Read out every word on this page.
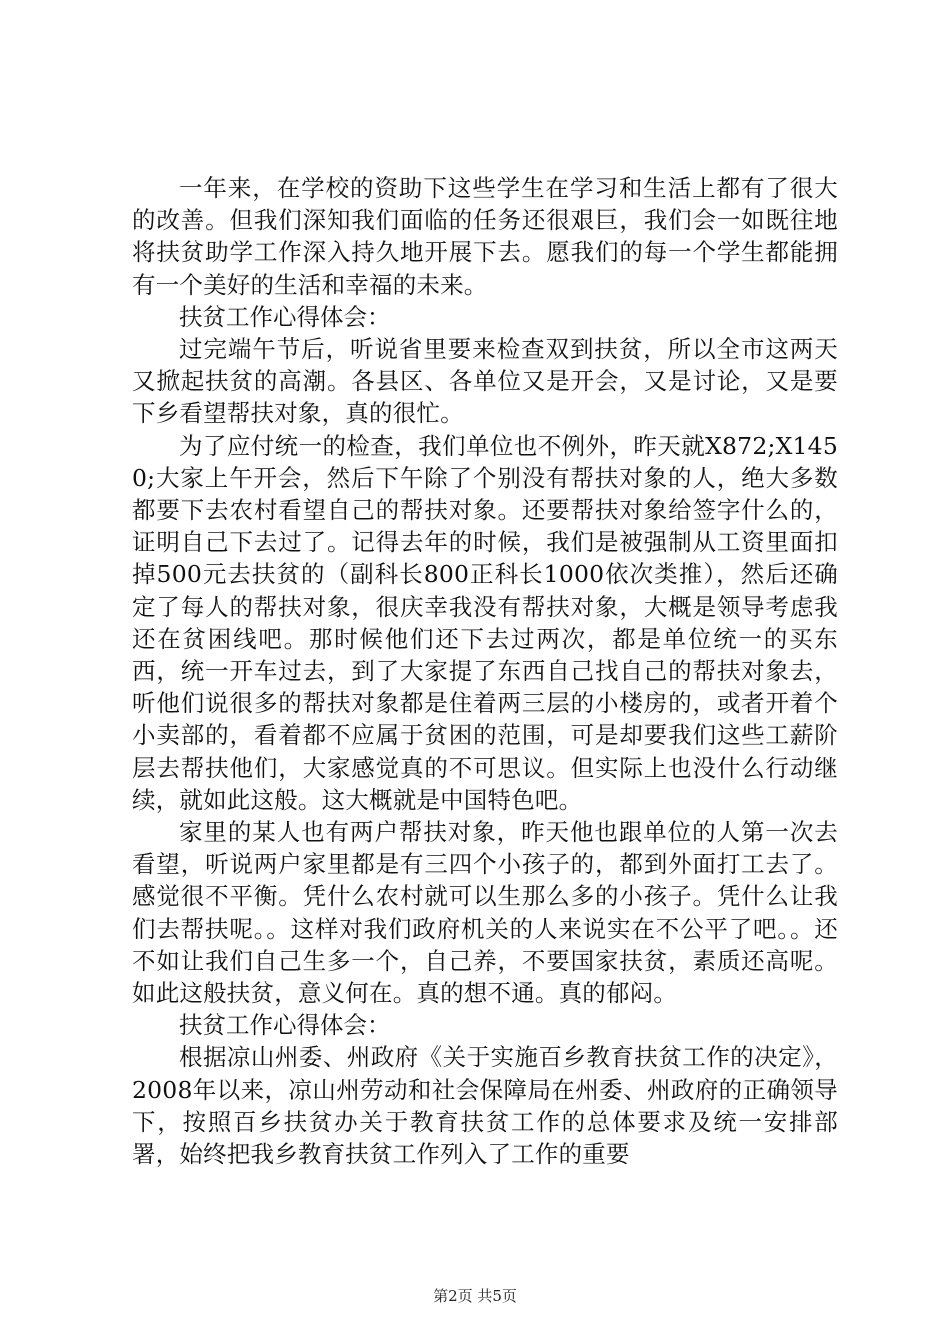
一年来，在学校的资助下这些学生在学习和生活上都有了很大的改善。但我们深知我们面临的任务还很艰巨，我们会一如既往地将扶贫助学工作深入持久地开展下去。愿我们的每一个学生都能拥有一个美好的生活和幸福的未来。

扶贫工作心得体会：

过完端午节后，听说省里要来检查双到扶贫，所以全市这两天又掀起扶贫的高潮。各县区、各单位又是开会，又是讨论，又是要下乡看望帮扶对象，真的很忙。

为了应付统一的检查，我们单位也不例外，昨天就X872;X1450;大家上午开会，然后下午除了个别没有帮扶对象的人，绝大多数都要下去农村看望自己的帮扶对象。还要帮扶对象给签字什么的，证明自己下去过了。记得去年的时候，我们是被强制从工资里面扣掉500元去扶贫的（副科长800正科长1000依次类推），然后还确定了每人的帮扶对象，很庆幸我没有帮扶对象，大概是领导考虑我还在贫困线吧。那时候他们还下去过两次，都是单位统一的买东西，统一开车过去，到了大家提了东西自己找自己的帮扶对象去，听他们说很多的帮扶对象都是住着两三层的小楼房的，或者开着个小卖部的，看着都不应属于贫困的范围，可是却要我们这些工薪阶层去帮扶他们，大家感觉真的不可思议。但实际上也没什么行动继续，就如此这般。这大概就是中国特色吧。

家里的某人也有两户帮扶对象，昨天他也跟单位的人第一次去看望，听说两户家里都是有三四个小孩子的，都到外面打工去了。感觉很不平衡。凭什么农村就可以生那么多的小孩子。凭什么让我们去帮扶呢。。这样对我们政府机关的人来说实在不公平了吧。。还不如让我们自己生多一个，自己养，不要国家扶贫，素质还高呢。如此这般扶贫，意义何在。真的想不通。真的郁闷。

扶贫工作心得体会：

根据凉山州委、州政府《关于实施百乡教育扶贫工作的决定》，2008年以来，凉山州劳动和社会保障局在州委、州政府的正确领导下，按照百乡扶贫办关于教育扶贫工作的总体要求及统一安排部署，始终把我乡教育扶贫工作列入了工作的重要

第2页 共5页
